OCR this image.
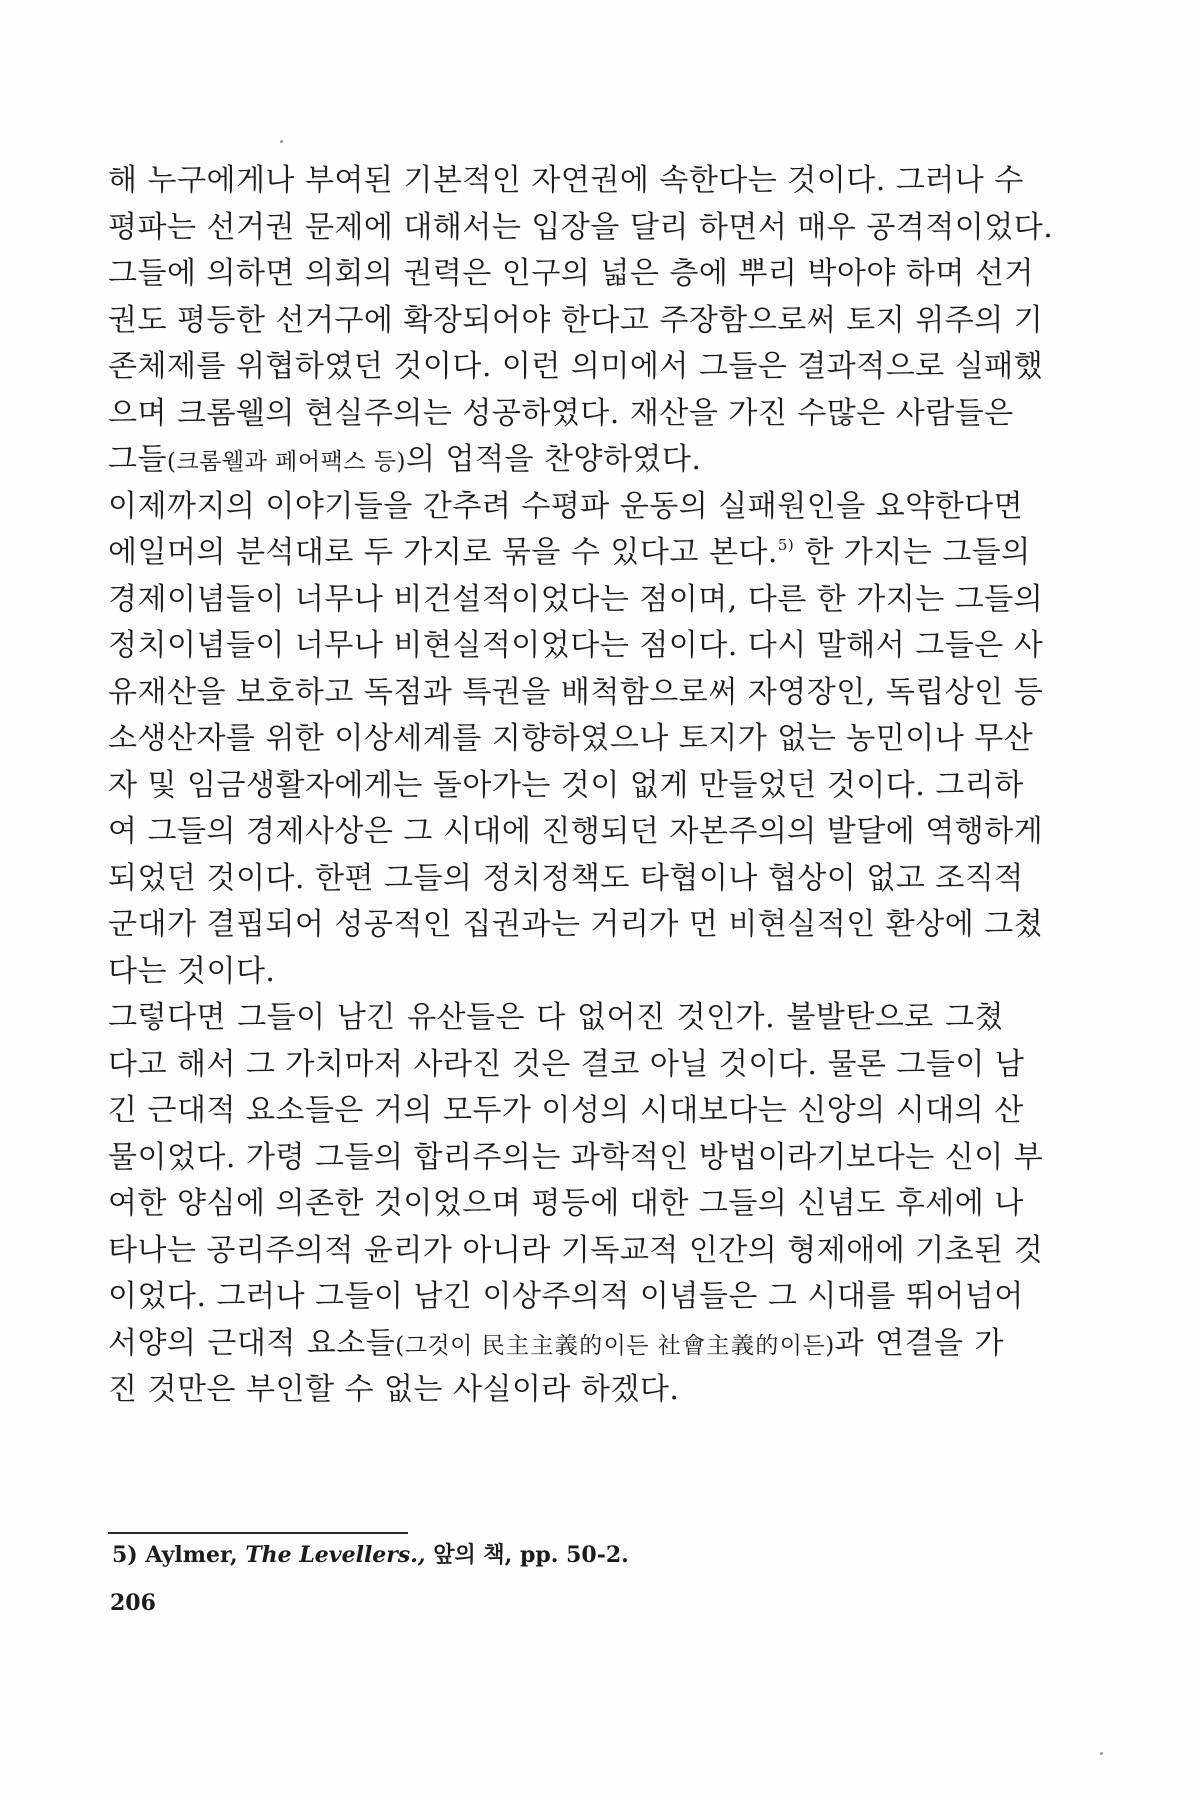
해 누구에게나 부여된 기본적인 자연권에 속한다는 것이다. 그러나 수
평파는 선거권 문제에 대해서는 입장을 달리 하면서 매우 공격적이었다.
그들에 의하면 의회의 권력은 인구의 넓은 층에 뿌리 박아야 하며 선거
권도 평등한 선거구에 확장되어야 한다고 주장함으로써 토지 위주의 기
존체제를 위협하였던 것이다. 이런 의미에서 그들은 결과적으로 실패했
으며 크롬웰의 현실주의는 성공하였다. 재산을 가진 수많은 사람들은
그들(크롬웰과 페어팩스 등)의 업적을 찬양하였다.
이제까지의 이야기들을 간추려 수평파 운동의 실패원인을 요약한다면
에일머의 분석대로 두 가지로 묶을 수 있다고 본다.$^{5)}$ 한 가지는 그들의
경제이념들이 너무나 비건설적이었다는 점이며, 다른 한 가지는 그들의
정치이념들이 너무나 비현실적이었다는 점이다. 다시 말해서 그들은 사
유재산을 보호하고 독점과 특권을 배척함으로써 자영장인, 독립상인 등
소생산자를 위한 이상세계를 지향하였으나 토지가 없는 농민이나 무산
자 및 임금생활자에게는 돌아가는 것이 없게 만들었던 것이다. 그리하
여 그들의 경제사상은 그 시대에 진행되던 자본주의의 발달에 역행하게
되었던 것이다. 한편 그들의 정치정책도 타협이나 협상이 없고 조직적
군대가 결핍되어 성공적인 집권과는 거리가 먼 비현실적인 환상에 그쳤
다는 것이다.
그렇다면 그들이 남긴 유산들은 다 없어진 것인가. 불발탄으로 그쳤
다고 해서 그 가치마저 사라진 것은 결코 아닐 것이다. 물론 그들이 남
긴 근대적 요소들은 거의 모두가 이성의 시대보다는 신앙의 시대의 산
물이었다. 가령 그들의 합리주의는 과학적인 방법이라기보다는 신이 부
여한 양심에 의존한 것이었으며 평등에 대한 그들의 신념도 후세에 나
타나는 공리주의적 윤리가 아니라 기독교적 인간의 형제애에 기초된 것
이었다. 그러나 그들이 남긴 이상주의적 이념들은 그 시대를 뛰어넘어
서양의 근대적 요소들(그것이 民主主義的이든 社會主義的이든)과 연결을 가
진 것만은 부인할 수 없는 사실이라 하겠다.
5) Aylmer, The Levellers., 앞의 책, pp. 50-2.
206
